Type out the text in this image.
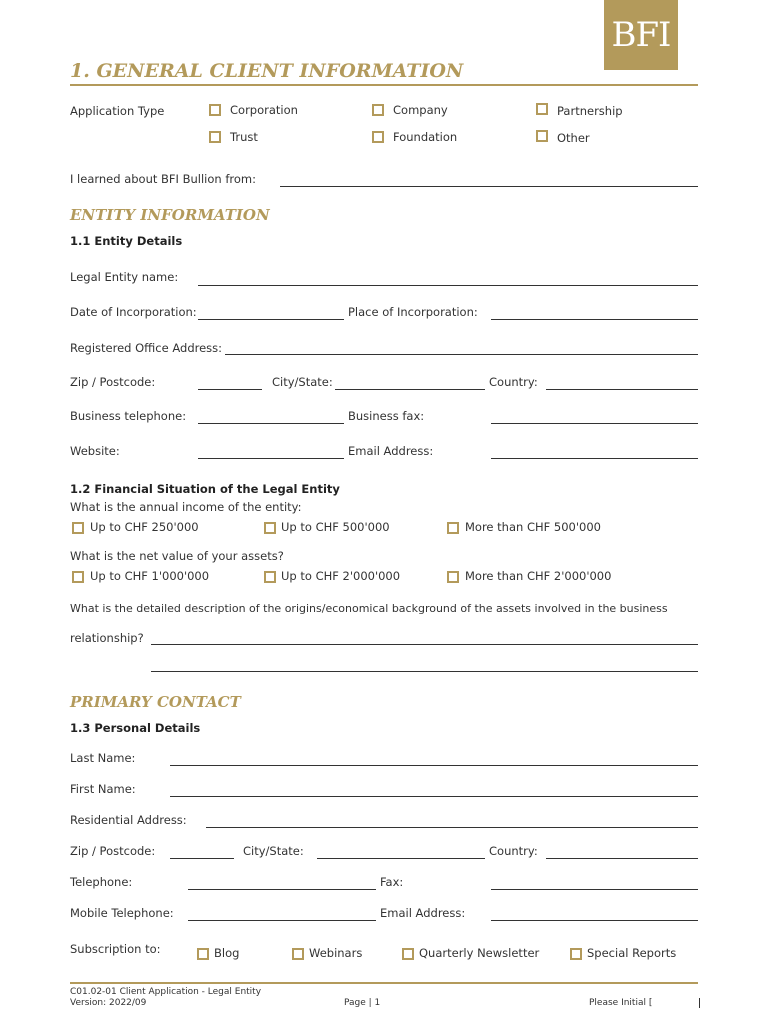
BFI
1. GENERAL CLIENT INFORMATION
Application Type	Corporation	Company	Partnership
Trust	Foundation	Other
I learned about BFI Bullion from:
ENTITY INFORMATION
1.1 Entity Details
Legal Entity name:
Date of Incorporation:	Place of Incorporation:
Registered Office Address:
Zip / Postcode:	City/State:	Country:
Business telephone:	Business fax:
Website:	Email Address:
1.2 Financial Situation of the Legal Entity
What is the annual income of the entity:
Up to CHF 250'000	Up to CHF 500'000	More than CHF 500'000
What is the net value of your assets?
Up to CHF 1'000'000	Up to CHF 2'000'000	More than CHF 2'000'000
What is the detailed description of the origins/economical background of the assets involved in the business
relationship?
PRIMARY CONTACT
1.3 Personal Details
Last Name:
First Name:
Residential Address:
Zip / Postcode:	City/State:	Country:
Telephone:	Fax:
Mobile Telephone:	Email Address:
Subscription to:	Blog	Webinars	Quarterly Newsletter	Special Reports
C01.02-01 Client Application - Legal Entity
Version: 2022/09	Page | 1	Please Initial [
